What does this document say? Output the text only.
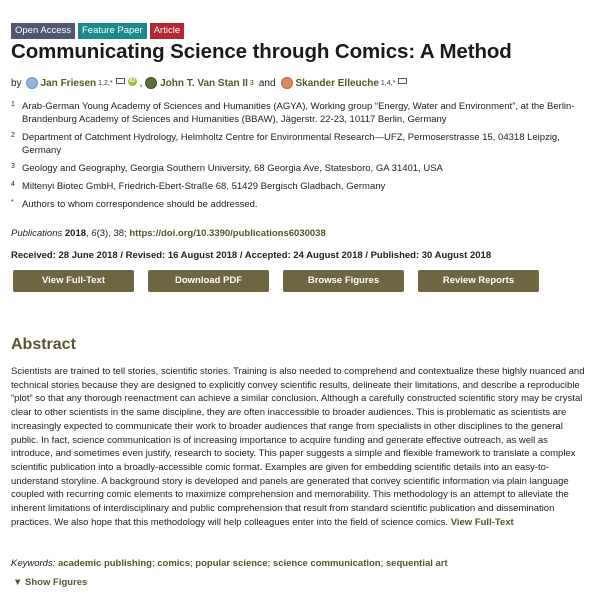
Open Access	Feature Paper	Article
Communicating Science through Comics: A Method
by Jan Friesen 1,2,*	iD , John T. Van Stan II 3 and Skander Elleuche 1,4,*
1 Arab-German Young Academy of Sciences and Humanities (AGYA), Working group “Energy, Water and Environment”, at the Berlin-Brandenburg Academy of Sciences and Humanities (BBAW), Jägerstr. 22-23, 10117 Berlin, Germany
2 Department of Catchment Hydrology, Helmholtz Centre for Environmental Research—UFZ, Permoserstrasse 15, 04318 Leipzig, Germany
3 Geology and Geography, Georgia Southern University, 68 Georgia Ave, Statesboro, GA 31401, USA
4 Miltenyi Biotec GmbH, Friedrich-Ebert-Straße 68, 51429 Bergisch Gladbach, Germany
* Authors to whom correspondence should be addressed.
Publications 2018, 6(3), 38; https://doi.org/10.3390/publications6030038
Received: 28 June 2018 / Revised: 16 August 2018 / Accepted: 24 August 2018 / Published: 30 August 2018
View Full-Text	Download PDF	Browse Figures	Review Reports
Abstract
Scientists are trained to tell stories, scientific stories. Training is also needed to comprehend and contextualize these highly nuanced and technical stories because they are designed to explicitly convey scientific results, delineate their limitations, and describe a reproducible “plot” so that any thorough reenactment can achieve a similar conclusion. Although a carefully constructed scientific story may be crystal clear to other scientists in the same discipline, they are often inaccessible to broader audiences. This is problematic as scientists are increasingly expected to communicate their work to broader audiences that range from specialists in other disciplines to the general public. In fact, science communication is of increasing importance to acquire funding and generate effective outreach, as well as introduce, and sometimes even justify, research to society. This paper suggests a simple and flexible framework to translate a complex scientific publication into a broadly-accessible comic format. Examples are given for embedding scientific details into an easy-to-understand storyline. A background story is developed and panels are generated that convey scientific information via plain language coupled with recurring comic elements to maximize comprehension and memorability. This methodology is an attempt to alleviate the inherent limitations of interdisciplinary and public comprehension that result from standard scientific publication and dissemination practices. We also hope that this methodology will help colleagues enter into the field of science comics. View Full-Text
Keywords: academic publishing; comics; popular science; science communication; sequential art
▼ Show Figures
